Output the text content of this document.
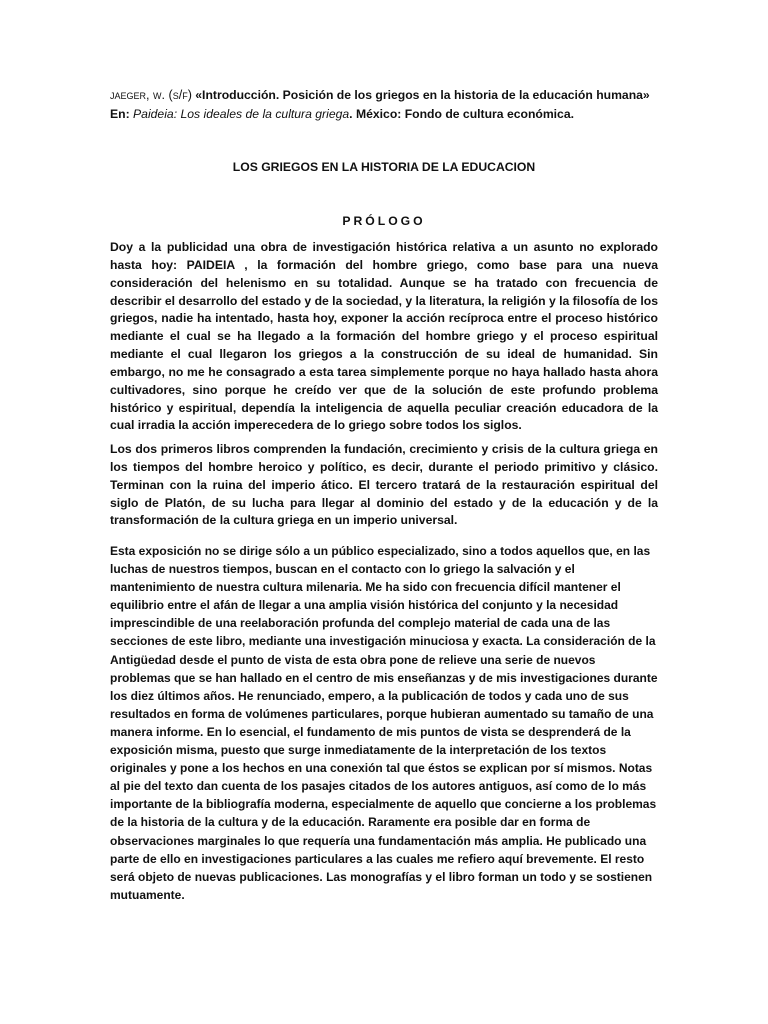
jaeger, w. (s/f) «Introducción. Posición de los griegos en la historia de la educación humana» En: Paideia: Los ideales de la cultura griega. México: Fondo de cultura económica.
LOS GRIEGOS EN LA HISTORIA DE LA EDUCACION
PRÓLOGO

Doy a la publicidad una obra de investigación histórica relativa a un asunto no explorado hasta hoy: PAIDEIA , la formación del hombre griego, como base para una nueva consideración del helenismo en su totalidad. Aunque se ha tratado con frecuencia de describir el desarrollo del estado y de la sociedad, y la literatura, la religión y la filosofía de los griegos, nadie ha intentado, hasta hoy, exponer la acción recíproca entre el proceso histórico mediante el cual se ha llegado a la formación del hombre griego y el proceso espiritual mediante el cual llegaron los griegos a la construcción de su ideal de humanidad. Sin embargo, no me he consagrado a esta tarea simplemente porque no haya hallado hasta ahora cultivadores, sino porque he creído ver que de la solución de este profundo problema histórico y espiritual, dependía la inteligencia de aquella peculiar creación educadora de la cual irradia la acción imperecedera de lo griego sobre todos los siglos.

Los dos primeros libros comprenden la fundación, crecimiento y crisis de la cultura griega en los tiempos del hombre heroico y político, es decir, durante el periodo primitivo y clásico. Terminan con la ruina del imperio ático. El tercero tratará de la restauración espiritual del siglo de Platón, de su lucha para llegar al dominio del estado y de la educación y de la transformación de la cultura griega en un imperio universal.

Esta exposición no se dirige sólo a un público especializado, sino a todos aquellos que, en las luchas de nuestros tiempos, buscan en el contacto con lo griego la salvación y el mantenimiento de nuestra cultura milenaria. Me ha sido con frecuencia difícil mantener el equilibrio entre el afán de llegar a una amplia visión histórica del conjunto y la necesidad imprescindible de una reelaboración profunda del complejo material de cada una de las secciones de este libro, mediante una investigación minuciosa y exacta. La consideración de la Antigüedad desde el punto de vista de esta obra pone de relieve una serie de nuevos problemas que se han hallado en el centro de mis enseñanzas y de mis investigaciones durante los diez últimos años. He renunciado, empero, a la publicación de todos y cada uno de sus resultados en forma de volúmenes particulares, porque hubieran aumentado su tamaño de una manera informe. En lo esencial, el fundamento de mis puntos de vista se desprenderá de la exposición misma, puesto que surge inmediatamente de la interpretación de los textos originales y pone a los hechos en una conexión tal que éstos se explican por sí mismos. Notas al pie del texto dan cuenta de los pasajes citados de los autores antiguos, así como de lo más importante de la bibliografía moderna, especialmente de aquello que concierne a los problemas de la historia de la cultura y de la educación. Raramente era posible dar en forma de observaciones marginales lo que requería una fundamentación más amplia. He publicado una parte de ello en investigaciones particulares a las cuales me refiero aquí brevemente. El resto será objeto de nuevas publicaciones. Las monografías y el libro forman un todo y se sostienen mutuamente.
